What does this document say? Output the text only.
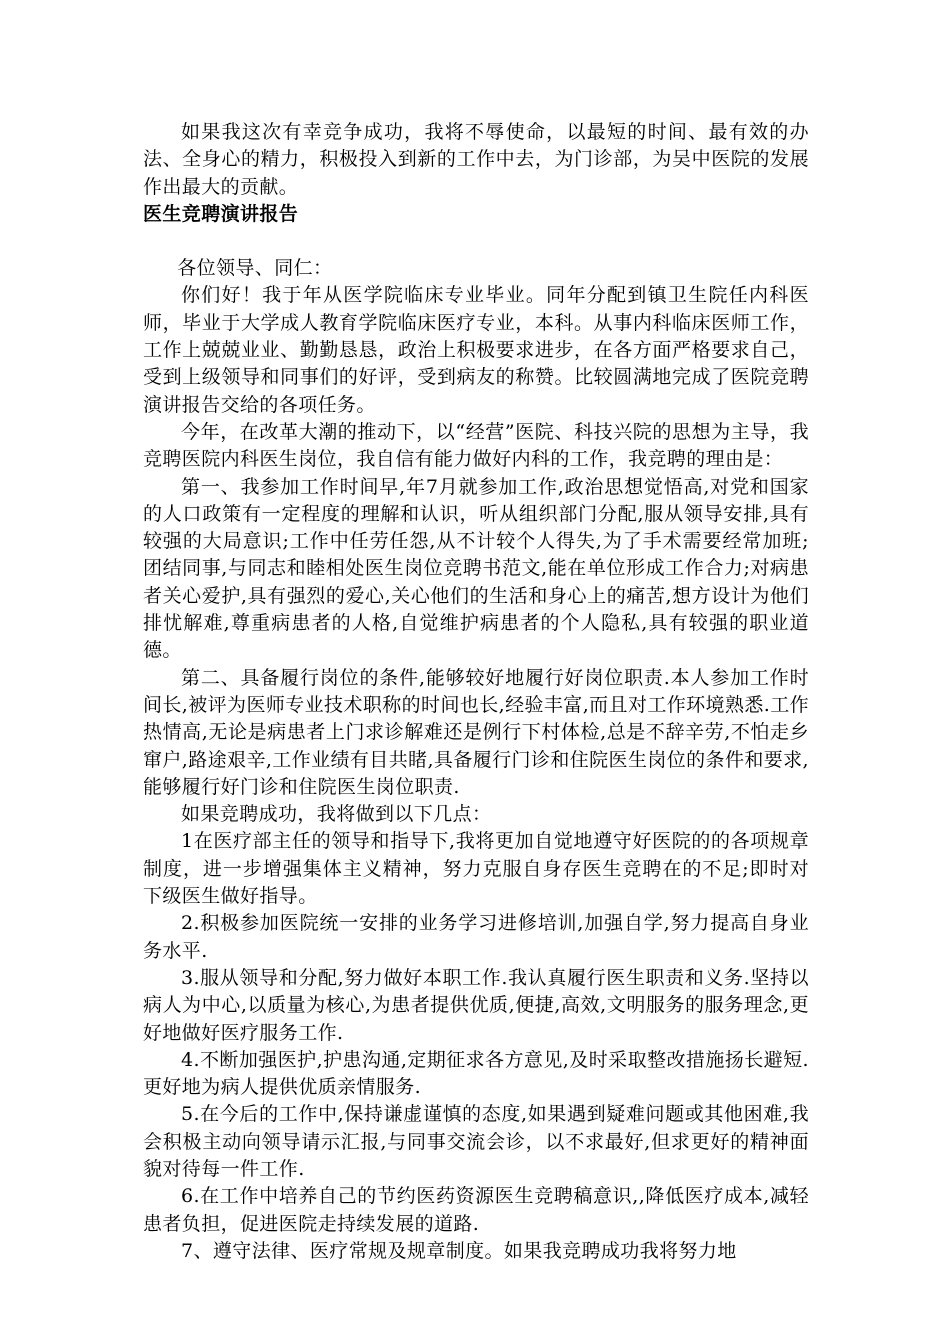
如果我这次有幸竞争成功，我将不辱使命，以最短的时间、最有效的办法、全身心的精力，积极投入到新的工作中去，为门诊部，为吴中医院的发展作出最大的贡献。

医生竞聘演讲报告

各位领导、同仁：

你们好！我于年从医学院临床专业毕业。同年分配到镇卫生院任内科医师，毕业于大学成人教育学院临床医疗专业，本科。从事内科临床医师工作，工作上兢兢业业、勤勤恳恳，政治上积极要求进步，在各方面严格要求自己，受到上级领导和同事们的好评，受到病友的称赞。比较圆满地完成了医院竞聘演讲报告交给的各项任务。

今年，在改革大潮的推动下，以“经营”医院、科技兴院的思想为主导，我竞聘医院内科医生岗位，我自信有能力做好内科的工作，我竞聘的理由是：

第一、我参加工作时间早,年7月就参加工作,政治思想觉悟高,对党和国家的人口政策有一定程度的理解和认识，听从组织部门分配,服从领导安排,具有较强的大局意识;工作中任劳任怨,从不计较个人得失,为了手术需要经常加班;团结同事,与同志和睦相处医生岗位竞聘书范文,能在单位形成工作合力;对病患者关心爱护,具有强烈的爱心,关心他们的生活和身心上的痛苦,想方设计为他们排忧解难,尊重病患者的人格,自觉维护病患者的个人隐私,具有较强的职业道德。

第二、具备履行岗位的条件,能够较好地履行好岗位职责.本人参加工作时间长,被评为医师专业技术职称的时间也长,经验丰富,而且对工作环境熟悉.工作热情高,无论是病患者上门求诊解难还是例行下村体检,总是不辞辛劳,不怕走乡窜户,路途艰辛,工作业绩有目共睹,具备履行门诊和住院医生岗位的条件和要求,能够履行好门诊和住院医生岗位职责.

如果竞聘成功，我将做到以下几点：

1在医疗部主任的领导和指导下,我将更加自觉地遵守好医院的的各项规章制度，进一步增强集体主义精神，努力克服自身存医生竞聘在的不足;即时对下级医生做好指导。

2.积极参加医院统一安排的业务学习进修培训,加强自学,努力提高自身业务水平.

3.服从领导和分配,努力做好本职工作.我认真履行医生职责和义务.坚持以病人为中心,以质量为核心,为患者提供优质,便捷,高效,文明服务的服务理念,更好地做好医疗服务工作.

4.不断加强医护,护患沟通,定期征求各方意见,及时采取整改措施扬长避短.更好地为病人提供优质亲情服务.

5.在今后的工作中,保持谦虚谨慎的态度,如果遇到疑难问题或其他困难,我会积极主动向领导请示汇报,与同事交流会诊，以不求最好,但求更好的精神面貌对待每一件工作.

6.在工作中培养自己的节约医药资源医生竞聘稿意识,,降低医疗成本,减轻患者负担，促进医院走持续发展的道路.

7、遵守法律、医疗常规及规章制度。如果我竞聘成功我将努力地
